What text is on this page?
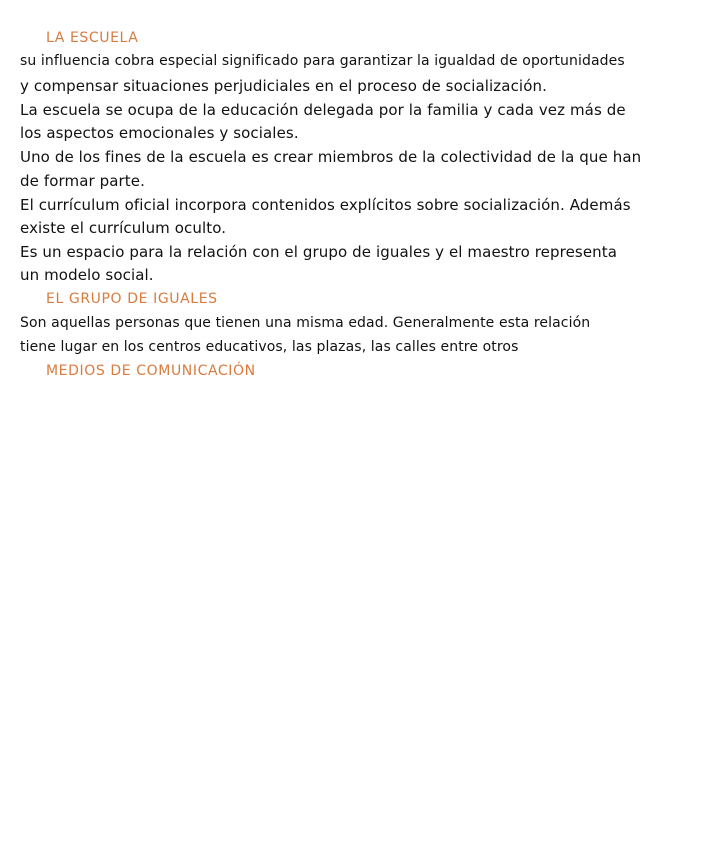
LA ESCUELA
su influencia cobra especial significado para garantizar la igualdad de oportunidades
y compensar situaciones perjudiciales en el proceso de socialización.
La escuela se ocupa de la educación delegada por la familia y cada vez más de
los aspectos emocionales y sociales.
Uno de los fines de la escuela es crear miembros de la colectividad de la que han
de formar parte.
El currículum oficial incorpora contenidos explícitos sobre socialización. Además
existe el currículum oculto.
Es un espacio para la relación con el grupo de iguales y el maestro representa
un modelo social.
EL GRUPO DE IGUALES
Son aquellas personas que tienen una misma edad. Generalmente esta relación
tiene lugar en los centros educativos, las plazas, las calles entre otros
MEDIOS DE COMUNICACIÓN
